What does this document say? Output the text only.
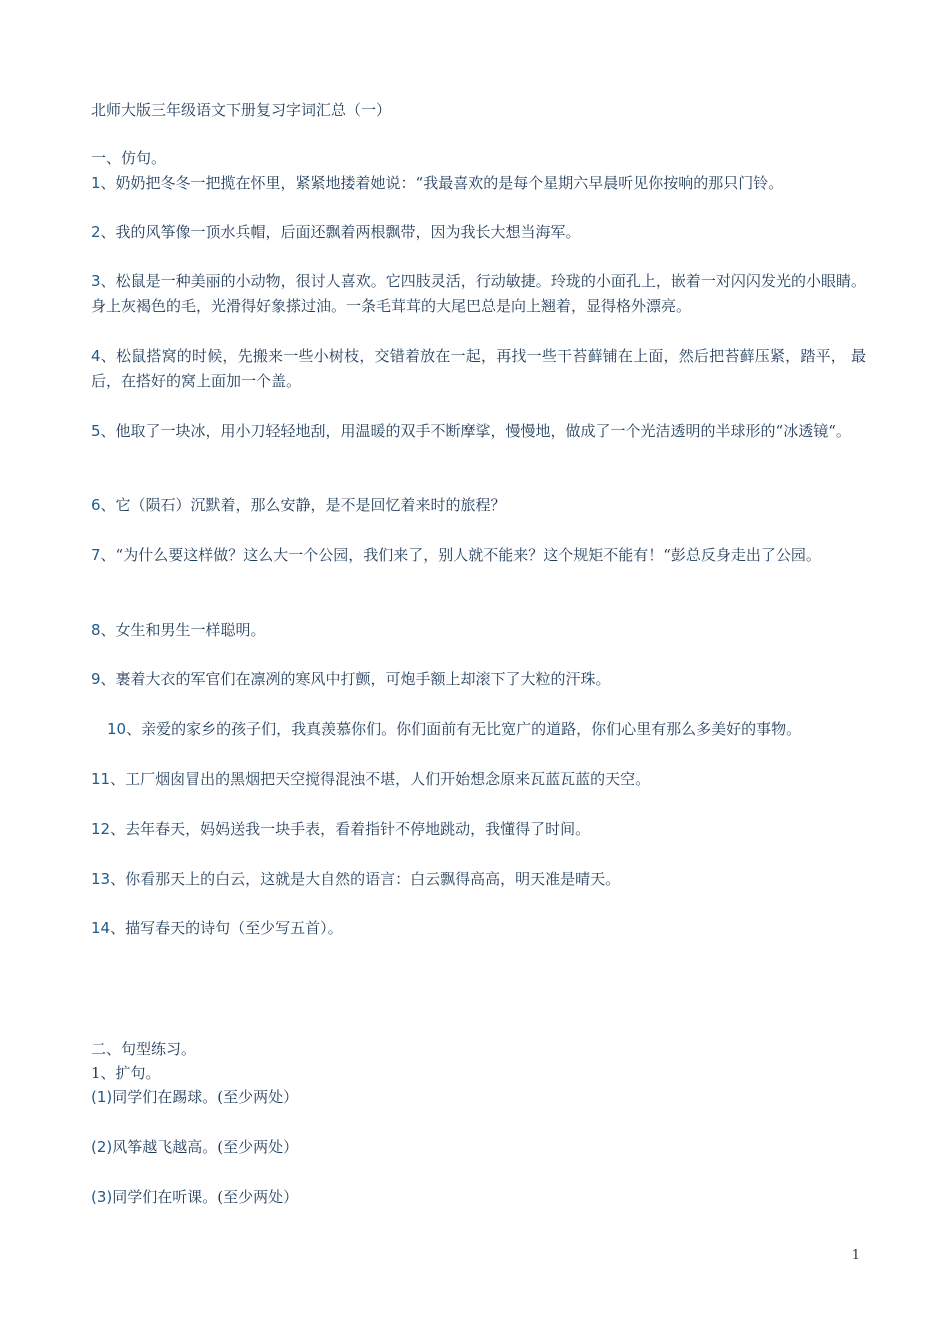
北师大版三年级语文下册复习字词汇总（一）
一、仿句。
1、奶奶把冬冬一把揽在怀里，紧紧地搂着她说：“我最喜欢的是每个星期六早晨听见你按响的那只门铃。
2、我的风筝像一顶水兵帽，后面还飘着两根飘带，因为我长大想当海军。
3、松鼠是一种美丽的小动物，很讨人喜欢。它四肢灵活，行动敏捷。玲珑的小面孔上，嵌着一对闪闪发光的小眼睛。身上灰褐色的毛，光滑得好象搽过油。一条毛茸茸的大尾巴总是向上翘着，显得格外漂亮。
4、松鼠搭窝的时候，先搬来一些小树枝，交错着放在一起，再找一些干苔藓铺在上面，然后把苔藓压紧，踏平， 最后，在搭好的窝上面加一个盖。
5、他取了一块冰，用小刀轻轻地刮，用温暖的双手不断摩挲，慢慢地，做成了一个光洁透明的半球形的“冰透镜“。
6、它（陨石）沉默着，那么安静，是不是回忆着来时的旅程？
7、“为什么要这样做？这么大一个公园，我们来了，别人就不能来？这个规矩不能有！“彭总反身走出了公园。
8、女生和男生一样聪明。
9、裹着大衣的军官们在凛冽的寒风中打颤，可炮手额上却滚下了大粒的汗珠。
10、亲爱的家乡的孩子们，我真羡慕你们。你们面前有无比宽广的道路，你们心里有那么多美好的事物。
11、工厂烟囱冒出的黑烟把天空搅得混浊不堪，人们开始想念原来瓦蓝瓦蓝的天空。
12、去年春天，妈妈送我一块手表，看着指针不停地跳动，我懂得了时间。
13、你看那天上的白云，这就是大自然的语言：白云飘得高高，明天准是晴天。
14、描写春天的诗句（至少写五首）。
二、句型练习。
1、扩句。
(1)同学们在踢球。(至少两处）
(2)风筝越飞越高。(至少两处）
(3)同学们在听课。(至少两处）
1
